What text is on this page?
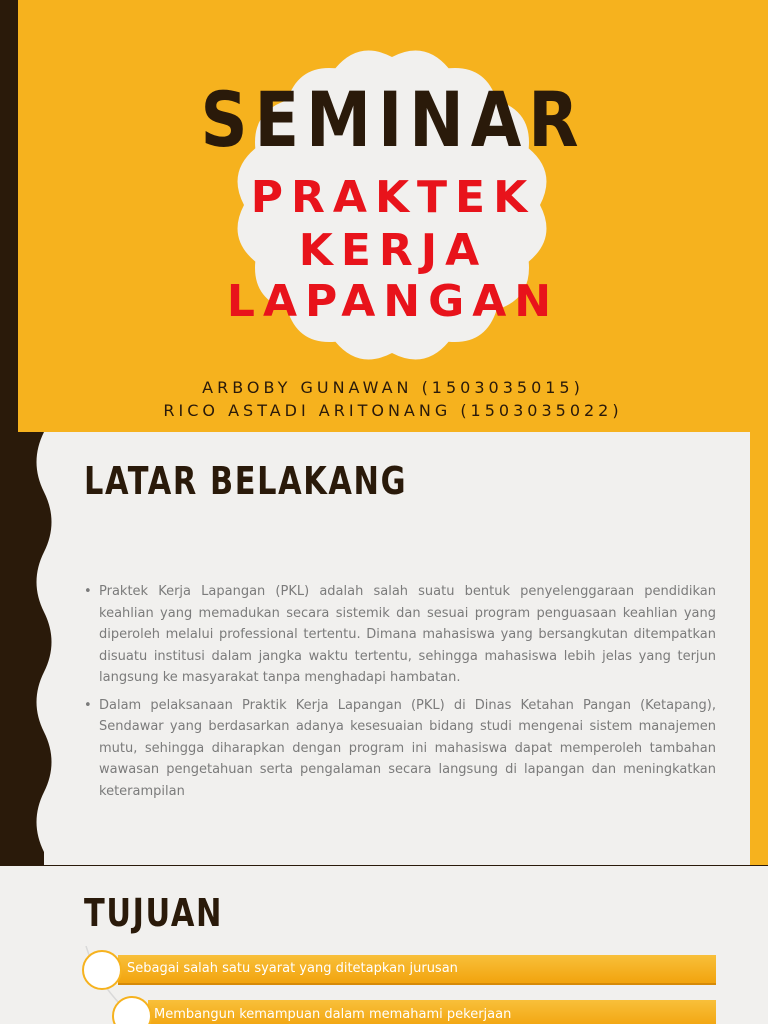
SEMINAR
PRAKTEK
KERJA
LAPANGAN
ARBOBY GUNAWAN (1503035015)
RICO ASTADI ARITONANG (1503035022)
LATAR BELAKANG
• Praktek Kerja Lapangan (PKL) adalah salah suatu bentuk penyelenggaraan pendidikan keahlian yang memadukan secara sistemik dan sesuai program penguasaan keahlian yang diperoleh melalui professional tertentu. Dimana mahasiswa yang bersangkutan ditempatkan disuatu institusi dalam jangka waktu tertentu, sehingga mahasiswa lebih jelas yang terjun langsung ke masyarakat tanpa menghadapi hambatan.
• Dalam pelaksanaan Praktik Kerja Lapangan (PKL) di Dinas Ketahan Pangan (Ketapang), Sendawar yang berdasarkan adanya kesesuaian bidang studi mengenai sistem manajemen mutu, sehingga diharapkan dengan program ini mahasiswa dapat memperoleh tambahan wawasan pengetahuan serta pengalaman secara langsung di lapangan dan meningkatkan keterampilan
TUJUAN
Sebagai salah satu syarat yang ditetapkan jurusan
Membangun kemampuan dalam memahami pekerjaan
